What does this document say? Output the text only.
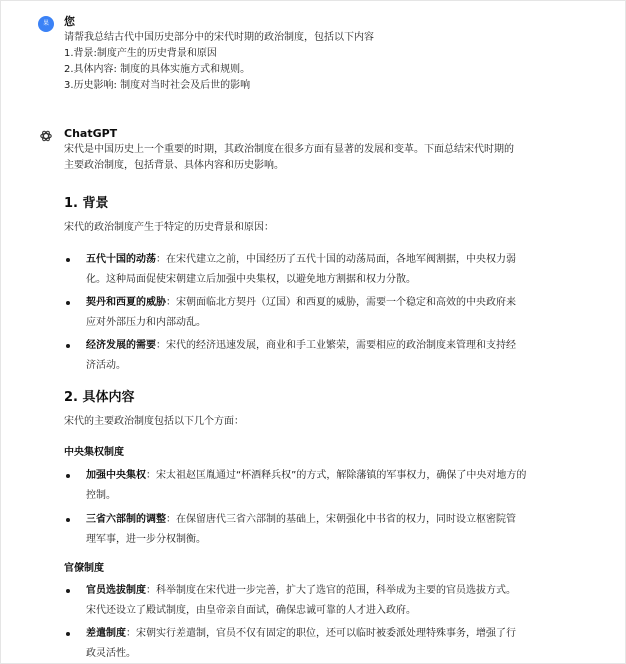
果	您
请帮我总结古代中国历史部分中的宋代时期的政治制度，包括以下内容
1.背景:制度产生的历史背景和原因
2.具体内容: 制度的具体实施方式和规则。
3.历史影响: 制度对当时社会及后世的影响
ChatGPT
宋代是中国历史上一个重要的时期，其政治制度在很多方面有显著的发展和变革。下面总结宋代时期的
主要政治制度，包括背景、具体内容和历史影响。
1. 背景
宋代的政治制度产生于特定的历史背景和原因：
五代十国的动荡：在宋代建立之前，中国经历了五代十国的动荡局面，各地军阀割据，中央权力弱
化。这种局面促使宋朝建立后加强中央集权，以避免地方割据和权力分散。
契丹和西夏的威胁：宋朝面临北方契丹（辽国）和西夏的威胁，需要一个稳定和高效的中央政府来
应对外部压力和内部动乱。
经济发展的需要：宋代的经济迅速发展，商业和手工业繁荣，需要相应的政治制度来管理和支持经
济活动。
2. 具体内容
宋代的主要政治制度包括以下几个方面：
中央集权制度
加强中央集权：宋太祖赵匡胤通过“杯酒释兵权”的方式，解除藩镇的军事权力，确保了中央对地方的
控制。
三省六部制的调整：在保留唐代三省六部制的基础上，宋朝强化中书省的权力，同时设立枢密院管
理军事，进一步分权制衡。
官僚制度
官员选拔制度：科举制度在宋代进一步完善，扩大了选官的范围，科举成为主要的官员选拔方式。
宋代还设立了殿试制度，由皇帝亲自面试，确保忠诚可靠的人才进入政府。
差遣制度：宋朝实行差遣制，官员不仅有固定的职位，还可以临时被委派处理特殊事务，增强了行
政灵活性。
